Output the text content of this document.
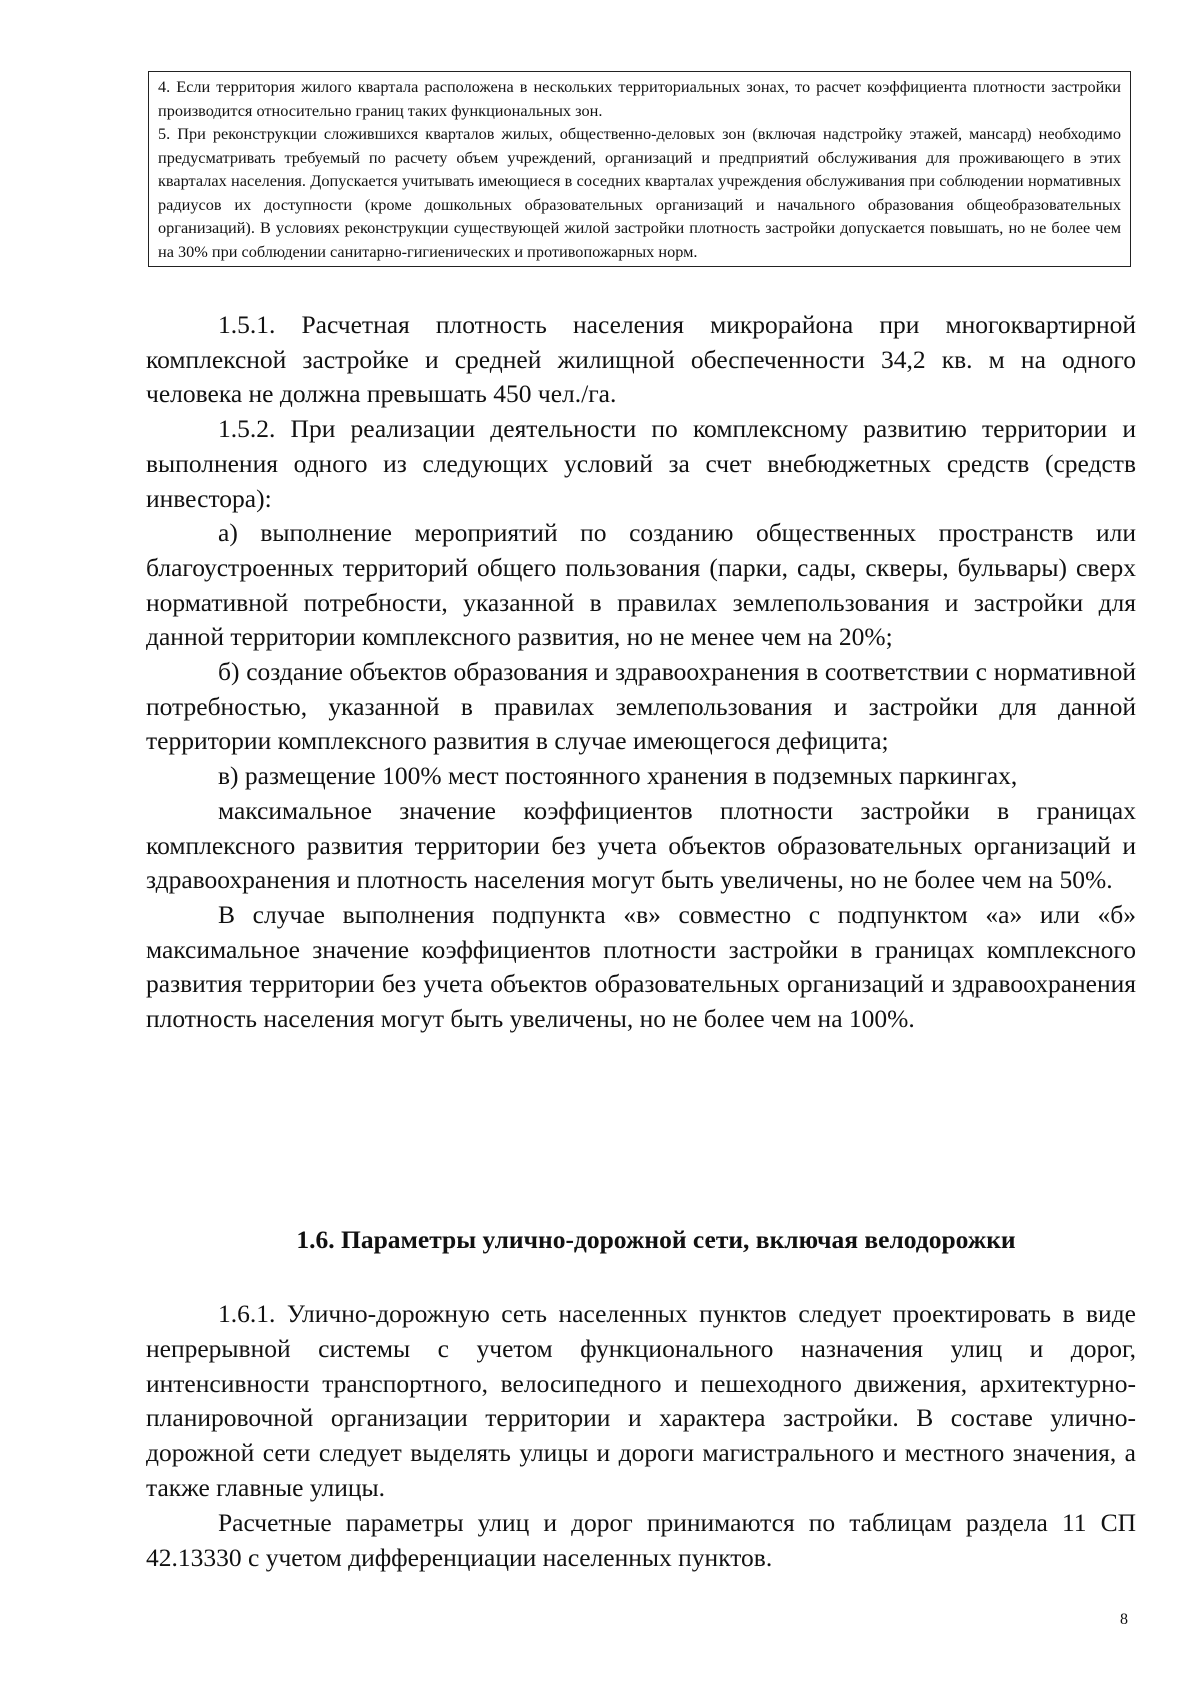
4. Если территория жилого квартала расположена в нескольких территориальных зонах, то расчет коэффициента плотности застройки производится относительно границ таких функциональных зон.

5. При реконструкции сложившихся кварталов жилых, общественно-деловых зон (включая надстройку этажей, мансард) необходимо предусматривать требуемый по расчету объем учреждений, организаций и предприятий обслуживания для проживающего в этих кварталах населения. Допускается учитывать имеющиеся в соседних кварталах учреждения обслуживания при соблюдении нормативных радиусов их доступности (кроме дошкольных образовательных организаций и начального образования общеобразовательных организаций). В условиях реконструкции существующей жилой застройки плотность застройки допускается повышать, но не более чем на 30% при соблюдении санитарно-гигиенических и противопожарных норм.

1.5.1. Расчетная плотность населения микрорайона при многоквартирной комплексной застройке и средней жилищной обеспеченности 34,2 кв. м на одного человека не должна превышать 450 чел./га.

1.5.2. При реализации деятельности по комплексному развитию территории и выполнения одного из следующих условий за счет внебюджетных средств (средств инвестора):

а) выполнение мероприятий по созданию общественных пространств или благоустроенных территорий общего пользования (парки, сады, скверы, бульвары) сверх нормативной потребности, указанной в правилах землепользования и застройки для данной территории комплексного развития, но не менее чем на 20%;

б) создание объектов образования и здравоохранения в соответствии с нормативной потребностью, указанной в правилах землепользования и застройки для данной территории комплексного развития в случае имеющегося дефицита;

в) размещение 100% мест постоянного хранения в подземных паркингах,

максимальное значение коэффициентов плотности застройки в границах комплексного развития территории без учета объектов образовательных организаций и здравоохранения и плотность населения могут быть увеличены, но не более чем на 50%.

В случае выполнения подпункта «в» совместно с подпунктом «а» или «б» максимальное значение коэффициентов плотности застройки в границах комплексного развития территории без учета объектов образовательных организаций и здравоохранения плотность населения могут быть увеличены, но не более чем на 100%.

1.6. Параметры улично-дорожной сети, включая велодорожки

1.6.1. Улично-дорожную сеть населенных пунктов следует проектировать в виде непрерывной системы с учетом функционального назначения улиц и дорог, интенсивности транспортного, велосипедного и пешеходного движения, архитектурно-планировочной организации территории и характера застройки. В составе улично-дорожной сети следует выделять улицы и дороги магистрального и местного значения, а также главные улицы.

Расчетные параметры улиц и дорог принимаются по таблицам раздела 11 СП 42.13330 с учетом дифференциации населенных пунктов.

8
